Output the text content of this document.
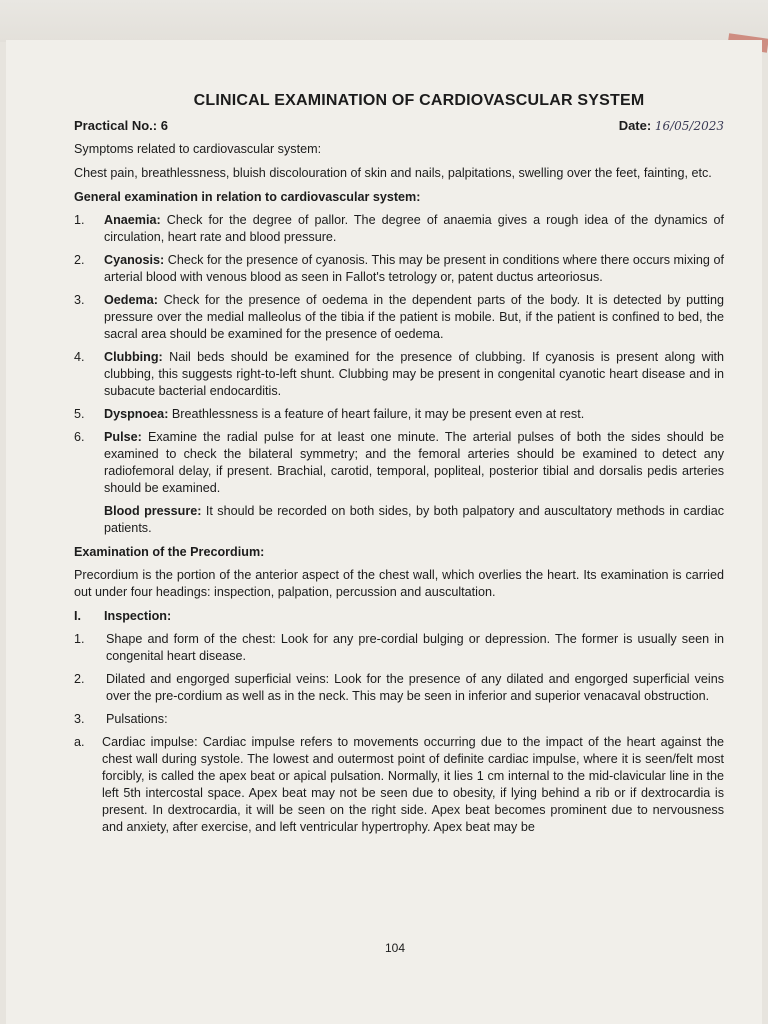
CLINICAL EXAMINATION OF CARDIOVASCULAR SYSTEM
Practical No.: 6	Date: 16/05/2023

Symptoms related to cardiovascular system:

Chest pain, breathlessness, bluish discolouration of skin and nails, palpitations, swelling over the feet, fainting, etc.

General examination in relation to cardiovascular system:
1.	Anaemia: Check for the degree of pallor. The degree of anaemia gives a rough idea of the dynamics of circulation, heart rate and blood pressure.
2.	Cyanosis: Check for the presence of cyanosis. This may be present in conditions where there occurs mixing of arterial blood with venous blood as seen in Fallot's tetrology or, patent ductus arteoriosus.
3.	Oedema: Check for the presence of oedema in the dependent parts of the body. It is detected by putting pressure over the medial malleolus of the tibia if the patient is mobile. But, if the patient is confined to bed, the sacral area should be examined for the presence of oedema.
4.	Clubbing: Nail beds should be examined for the presence of clubbing. If cyanosis is present along with clubbing, this suggests right-to-left shunt. Clubbing may be present in congenital cyanotic heart disease and in subacute bacterial endocarditis.
5.	Dyspnoea: Breathlessness is a feature of heart failure, it may be present even at rest.
6.	Pulse: Examine the radial pulse for at least one minute. The arterial pulses of both the sides should be examined to check the bilateral symmetry; and the femoral arteries should be examined to detect any radiofemoral delay, if present. Brachial, carotid, temporal, popliteal, posterior tibial and dorsalis pedis arteries should be examined.

Blood pressure: It should be recorded on both sides, by both palpatory and auscultatory methods in cardiac patients.

Examination of the Precordium:

Precordium is the portion of the anterior aspect of the chest wall, which overlies the heart. Its examination is carried out under four headings: inspection, palpation, percussion and auscultation.

I.	Inspection:
1.	Shape and form of the chest: Look for any pre-cordial bulging or depression. The former is usually seen in congenital heart disease.
2.	Dilated and engorged superficial veins: Look for the presence of any dilated and engorged superficial veins over the pre-cordium as well as in the neck. This may be seen in inferior and superior venacaval obstruction.
3.	Pulsations:
a.	Cardiac impulse: Cardiac impulse refers to movements occurring due to the impact of the heart against the chest wall during systole. The lowest and outermost point of definite cardiac impulse, where it is seen/felt most forcibly, is called the apex beat or apical pulsation. Normally, it lies 1 cm internal to the mid-clavicular line in the left 5th intercostal space. Apex beat may not be seen due to obesity, if lying behind a rib or if dextrocardia is present. In dextrocardia, it will be seen on the right side. Apex beat becomes prominent due to nervousness and anxiety, after exercise, and left ventricular hypertrophy. Apex beat may be
104
